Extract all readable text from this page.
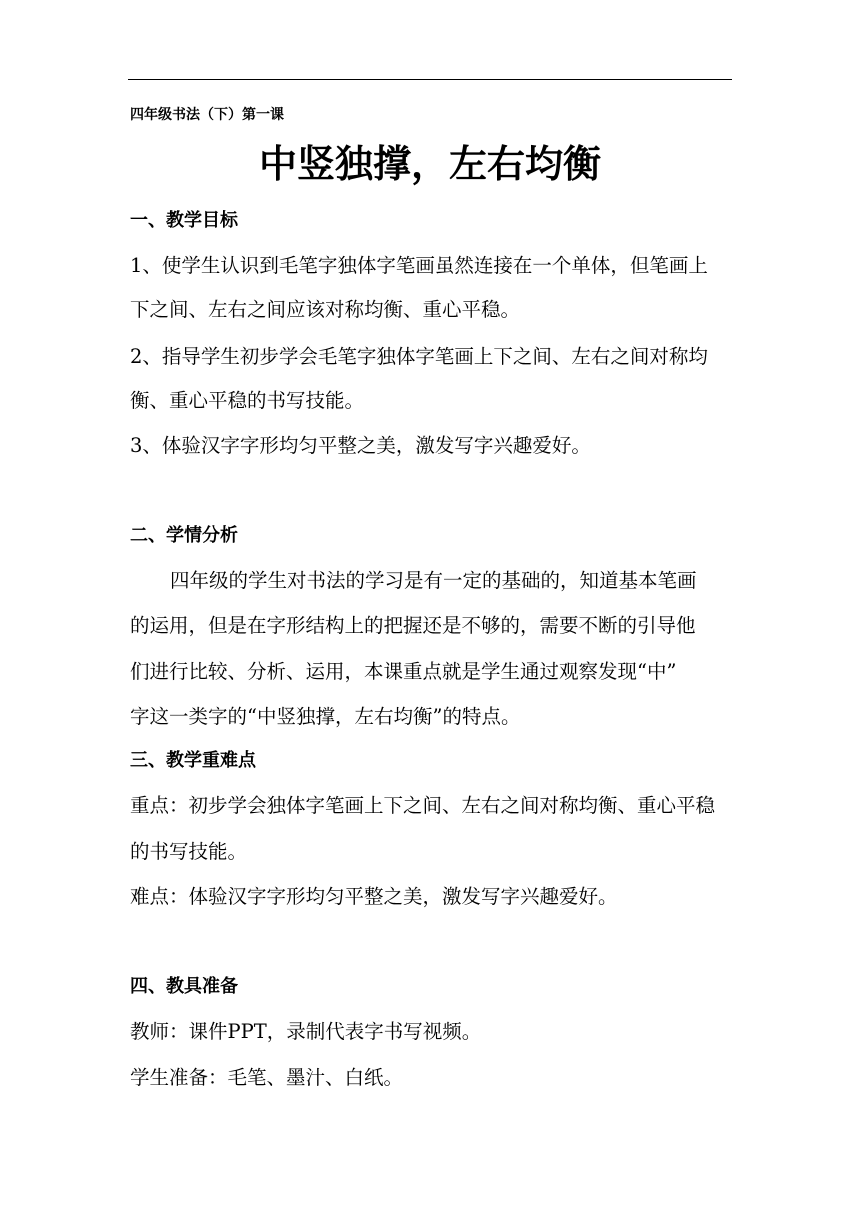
四年级书法（下）第一课
中竖独撑，左右均衡
一、教学目标
1、使学生认识到毛笔字独体字笔画虽然连接在一个单体，但笔画上
下之间、左右之间应该对称均衡、重心平稳。
2、指导学生初步学会毛笔字独体字笔画上下之间、左右之间对称均
衡、重心平稳的书写技能。
3、体验汉字字形均匀平整之美，激发写字兴趣爱好。
二、学情分析
四年级的学生对书法的学习是有一定的基础的，知道基本笔画
的运用，但是在字形结构上的把握还是不够的，需要不断的引导他
们进行比较、分析、运用，本课重点就是学生通过观察发现“中”
字这一类字的“中竖独撑，左右均衡”的特点。
三、教学重难点
重点：初步学会独体字笔画上下之间、左右之间对称均衡、重心平稳
的书写技能。
难点：体验汉字字形均匀平整之美，激发写字兴趣爱好。
四、教具准备
教师：课件PPT，录制代表字书写视频。
学生准备：毛笔、墨汁、白纸。
